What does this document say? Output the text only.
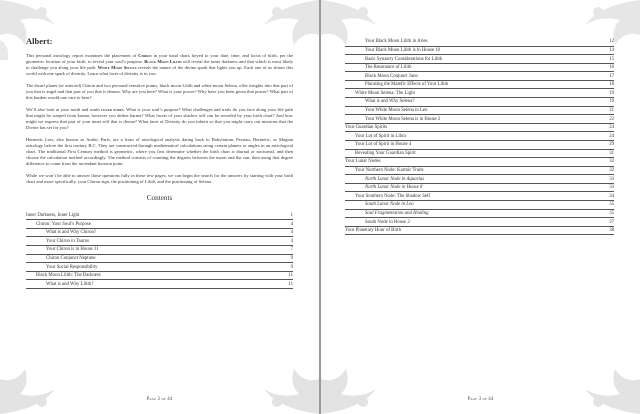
Albert:

This personal astrology report examines the placement of Chiron in your natal chart, keyed to your date, time, and locus of birth, per the geometric location of your birth, to reveal your soul’s purpose. Black Moon Lilith will reveal the inner darkness and that which is most likely to challenge you along your life path. White Moon Selena reveals the nature of the divine spark that lights you up. Each one of us shines this world with one spark of divinity. Learn what facet of divinity is in you.

The dwarf planet (or asteroid) Chiron and two personal sensitive points, black moon Lilith and white moon Selena, offer insights into that part of you that is angel and that part of you that is demon. Why are you here? What is your power? Why have you been given that power? What part of this burden would one care to bear?

We’ll also look at your north and south lunar nodes. What is your soul’s purpose? What challenges and trials do you face along your life path that might be warped from karma, however you define karma? What facets of your shadow self can be revealed by your birth chart? And how might we express that part of your inner self that is divine? What facet of Divinity do you inherit so that you might carry out missions that the Divine has set for you?

Hermetic Lots, also known as Arabic Parts, are a form of astrological analysis dating back to Babylonian, Persian, Hermetic, or Magian astrology before the first century B.C. They are constructed through mathematical calculations using certain planets or angles in an astrological chart. The traditional First Century method is geometric, where you first determine whether the birth chart is diurnal or nocturnal, and then choose the calculation method accordingly. The method consists of counting the degrees between the moon and the sun, then using that degree difference to count from the ascendant horizon point.

While we won’t be able to answer those questions fully in these few pages, we can begin the search for the answers by starting with your birth chart and more specifically, your Chiron sign, the positioning of Lilith, and the positioning of Selena.

Contents
Inner Darkness, Inner Light	1
Chiron: Your Soul’s Purpose	4
What is and Why Chiron?	4
Your Chiron in Taurus	4
Your Chiron is in House 11	7
Chiron Conjunct Neptune	9
Your Social Responsibility	9
Black Moon Lilith: The Darkness	11
What is and Why Lilith?	11
Page 2 of 44
Your Black Moon Lilith in Aries	12
Your Black Moon Lilith is in House 10	14
Basic Synastry Considerations for Lilith	15
The Resonance of Lilith	16
Black Moon Conjunct Juno	17
Placating the Malefic Effects of Your Lilith	18
White Moon Selena: The Light	19
What is and Why Selena?	19
Your White Moon Selena in Leo	21
Your White Moon Selena is in House 2	22
Your Guardian Spirits	24
Your Lot of Spirit in Libra	24
Your Lot of Spirit in House 4	29
Revealing Your Guardian Spirit	31
Your Lunar Nodes	32
Your Northern Node: Karmic Traits	32
North Lunar Node in Aquarius	33
North Lunar Node in House 8	33
Your Southern Node: The Shadow Self	34
South Lunar Node in Leo	35
Soul Fragmentation and Healing	35
South Node in House 2	37
Your Planetary Hour of Birth	38
Page 3 of 44
